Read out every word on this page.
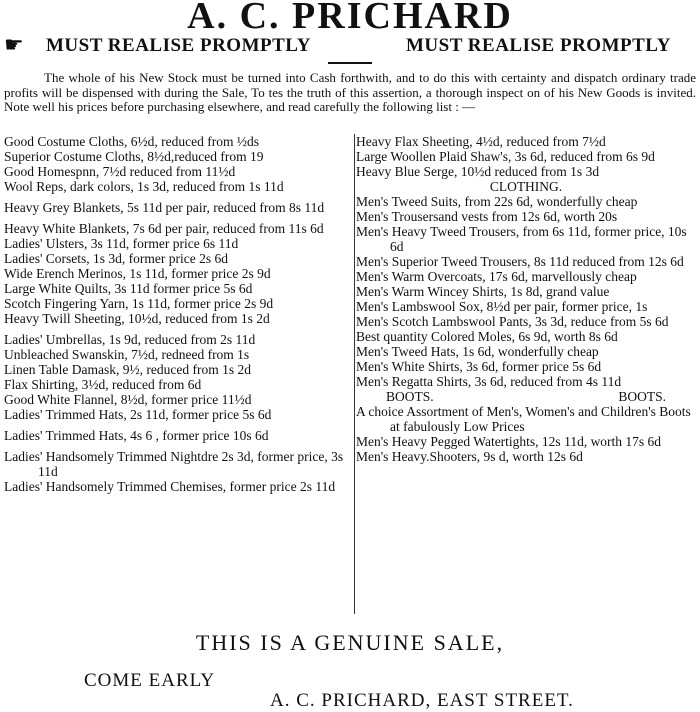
A. C. PRICHARD
☛ MUST REALISE PROMPTLY	MUST REALISE PROMPTLY
The whole of his New Stock must be turned into Cash forthwith, and to do this with certainty and dispatch ordinary trade profits will be dispensed with during the Sale, To tes the truth of this assertion, a thorough inspect on of his New Goods is invited. Note well his prices before purchasing elsewhere, and read carefully the following list : —
Good Costume Cloths, 6½d, reduced from ½ds
Superior Costume Cloths, 8½d,reduced from 19
Good Homespnn, 7½d reduced from 11½d
Wool Reps, dark colors, 1s 3d, reduced from 1s 11d
Heavy Grey Blankets, 5s 11d per pair, reduced from 8s 11d
Heavy White Blankets, 7s 6d per pair, reduced from 11s 6d
Ladies' Ulsters, 3s 11d, former price 6s 11d
Ladies' Corsets, 1s 3d, former price 2s 6d
Wide Erench Merinos, 1s 11d, former price 2s 9d
Large White Quilts, 3s 11d former price 5s 6d
Scotch Fingering Yarn, 1s 11d, former price 2s 9d
Heavy Twill Sheeting, 10½d, reduced from 1s 2d
Ladies' Umbrellas, 1s 9d, reduced from 2s 11d
Unbleached Swanskin, 7½d, redneed from 1s
Linen Table Damask, 9½, reduced from 1s 2d
Flax Shirting, 3½d, reduced from 6d
Good White Flannel, 8½d, former price 11½d
Ladies' Trimmed Hats, 2s 11d, former price 5s 6d
Ladies' Trimmed Hats, 4s 6 , former price 10s 6d
Ladies' Handsomely Trimmed Nightdre 2s 3d, former price, 3s 11d
Ladies' Handsomely Trimmed Chemises, former price 2s 11d
Heavy Flax Sheeting, 4½d, reduced from 7½d
Large Woollen Plaid Shaw's, 3s 6d, reduced from 6s 9d
Heavy Blue Serge, 10½d reduced from 1s 3d
CLOTHING.
Men's Tweed Suits, from 22s 6d, wonderfully cheap
Men's Trousersand vests from 12s 6d, worth 20s
Men's Heavy Tweed Trousers, from 6s 11d, former price, 10s 6d
Men's Superior Tweed Trousers, 8s 11d reduced from 12s 6d
Men's Warm Overcoats, 17s 6d, marvellously cheap
Men's Warm Wincey Shirts, 1s 8d, grand value
Men's Lambswool Sox, 8½d per pair, former price, 1s
Men's Scotch Lambswool Pants, 3s 3d, reduce from 5s 6d
Best quantity Colored Moles, 6s 9d, worth 8s 6d
Men's Tweed Hats, 1s 6d, wonderfully cheap
Men's White Shirts, 3s 6d, former price 5s 6d
Men's Regatta Shirts, 3s 6d, reduced from 4s 11d
BOOTS.	BOOTS.
A choice Assortment of Men's, Women's and Children's Boots at fabulously Low Prices
Men's Heavy Pegged Watertights, 12s 11d, worth 17s 6d
Men's Heavy.Shooters, 9s d, worth 12s 6d
THIS IS A GENUINE SALE,
COME EARLY
A. C. PRICHARD, EAST STREET.
